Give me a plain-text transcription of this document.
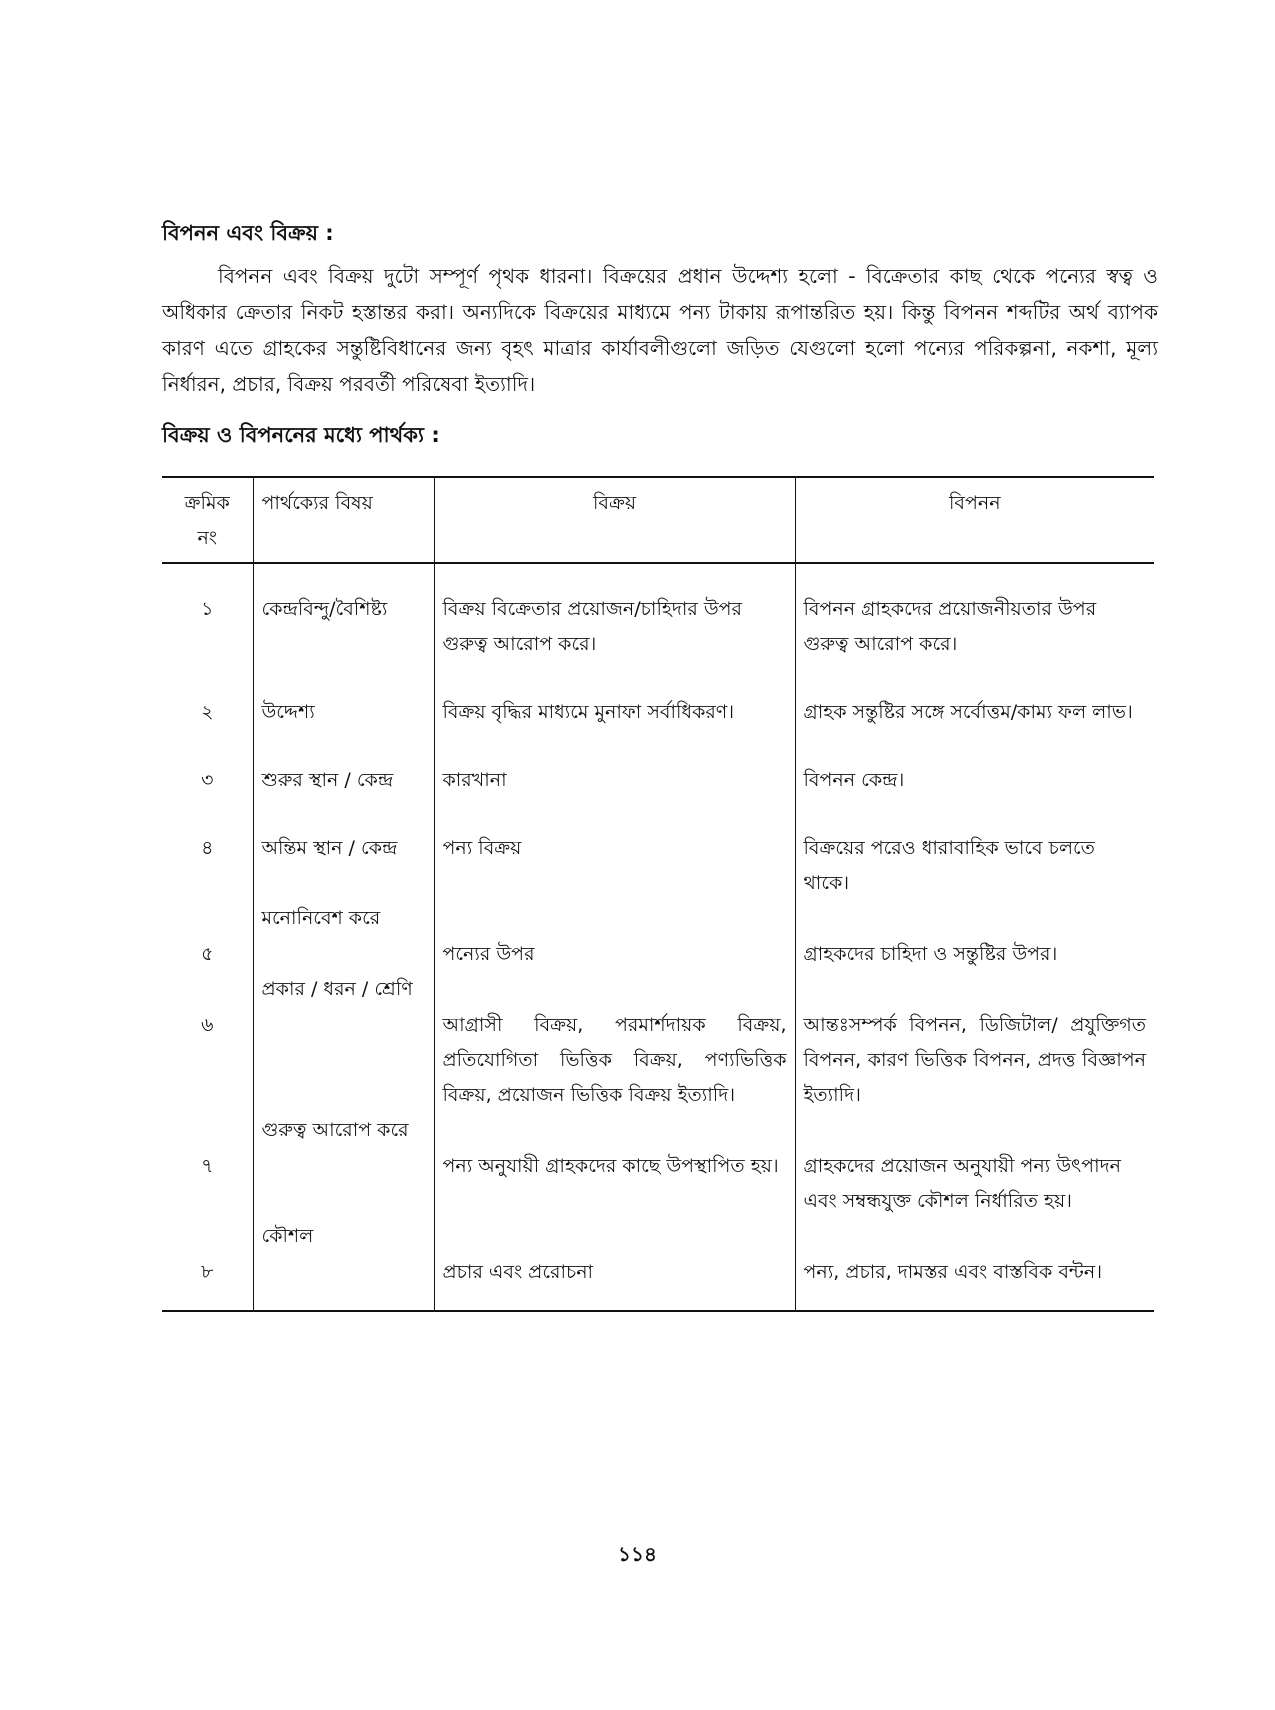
বিপনন এবং বিক্রয় :
বিপনন এবং বিক্রয় দুটো সম্পূর্ণ পৃথক ধারনা। বিক্রয়ের প্রধান উদ্দেশ্য হলো - বিক্রেতার কাছ থেকে পন্যের স্বত্ব ও অধিকার ক্রেতার নিকট হস্তান্তর করা। অন্যদিকে বিক্রয়ের মাধ্যমে পন্য টাকায় রূপান্তরিত হয়। কিন্তু বিপনন শব্দটির অর্থ ব্যাপক কারণ এতে গ্রাহকের সন্তুষ্টিবিধানের জন্য বৃহৎ মাত্রার কার্যাবলীগুলো জড়িত যেগুলো হলো পন্যের পরিকল্পনা, নকশা, মূল্য নির্ধারন, প্রচার, বিক্রয় পরবর্তী পরিষেবা ইত্যাদি।
বিক্রয় ও বিপননের মধ্যে পার্থক্য :
ক্রমিক নং	পার্থক্যের বিষয়	বিক্রয়	বিপনন
১	কেন্দ্রবিন্দু/বৈশিষ্ট্য	বিক্রয় বিক্রেতার প্রয়োজন/চাহিদার উপর গুরুত্ব আরোপ করে।	বিপনন গ্রাহকদের প্রয়োজনীয়তার উপর গুরুত্ব আরোপ করে।
২	উদ্দেশ্য	বিক্রয় বৃদ্ধির মাধ্যমে মুনাফা সর্বাধিকরণ।	গ্রাহক সন্তুষ্টির সঙ্গে সর্বোত্তম/কাম্য ফল লাভ।
৩	শুরুর স্থান / কেন্দ্র	কারখানা	বিপনন কেন্দ্র।
৪	অন্তিম স্থান / কেন্দ্র	পন্য বিক্রয়	বিক্রয়ের পরেও ধারাবাহিক ভাবে চলতে থাকে।
৫	মনোনিবেশ করে	পন্যের উপর	গ্রাহকদের চাহিদা ও সন্তুষ্টির উপর।
৬	প্রকার / ধরন / শ্রেণি	আগ্রাসী বিক্রয়, পরমার্শদায়ক বিক্রয়, প্রতিযোগিতা ভিত্তিক বিক্রয়, পণ্যভিত্তিক বিক্রয়, প্রয়োজন ভিত্তিক বিক্রয় ইত্যাদি।	আন্তঃসম্পর্ক বিপনন, ডিজিটাল/ প্রযুক্তিগত বিপনন, কারণ ভিত্তিক বিপনন, প্রদত্ত বিজ্ঞাপন ইত্যাদি।
৭	গুরুত্ব আরোপ করে	পন্য অনুযায়ী গ্রাহকদের কাছে উপস্থাপিত হয়।	গ্রাহকদের প্রয়োজন অনুযায়ী পন্য উৎপাদন এবং সম্বন্ধযুক্ত কৌশল নির্ধারিত হয়।
৮	কৌশল	প্রচার এবং প্ররোচনা	পন্য, প্রচার, দামস্তর এবং বাস্তবিক বন্টন।
১১৪
